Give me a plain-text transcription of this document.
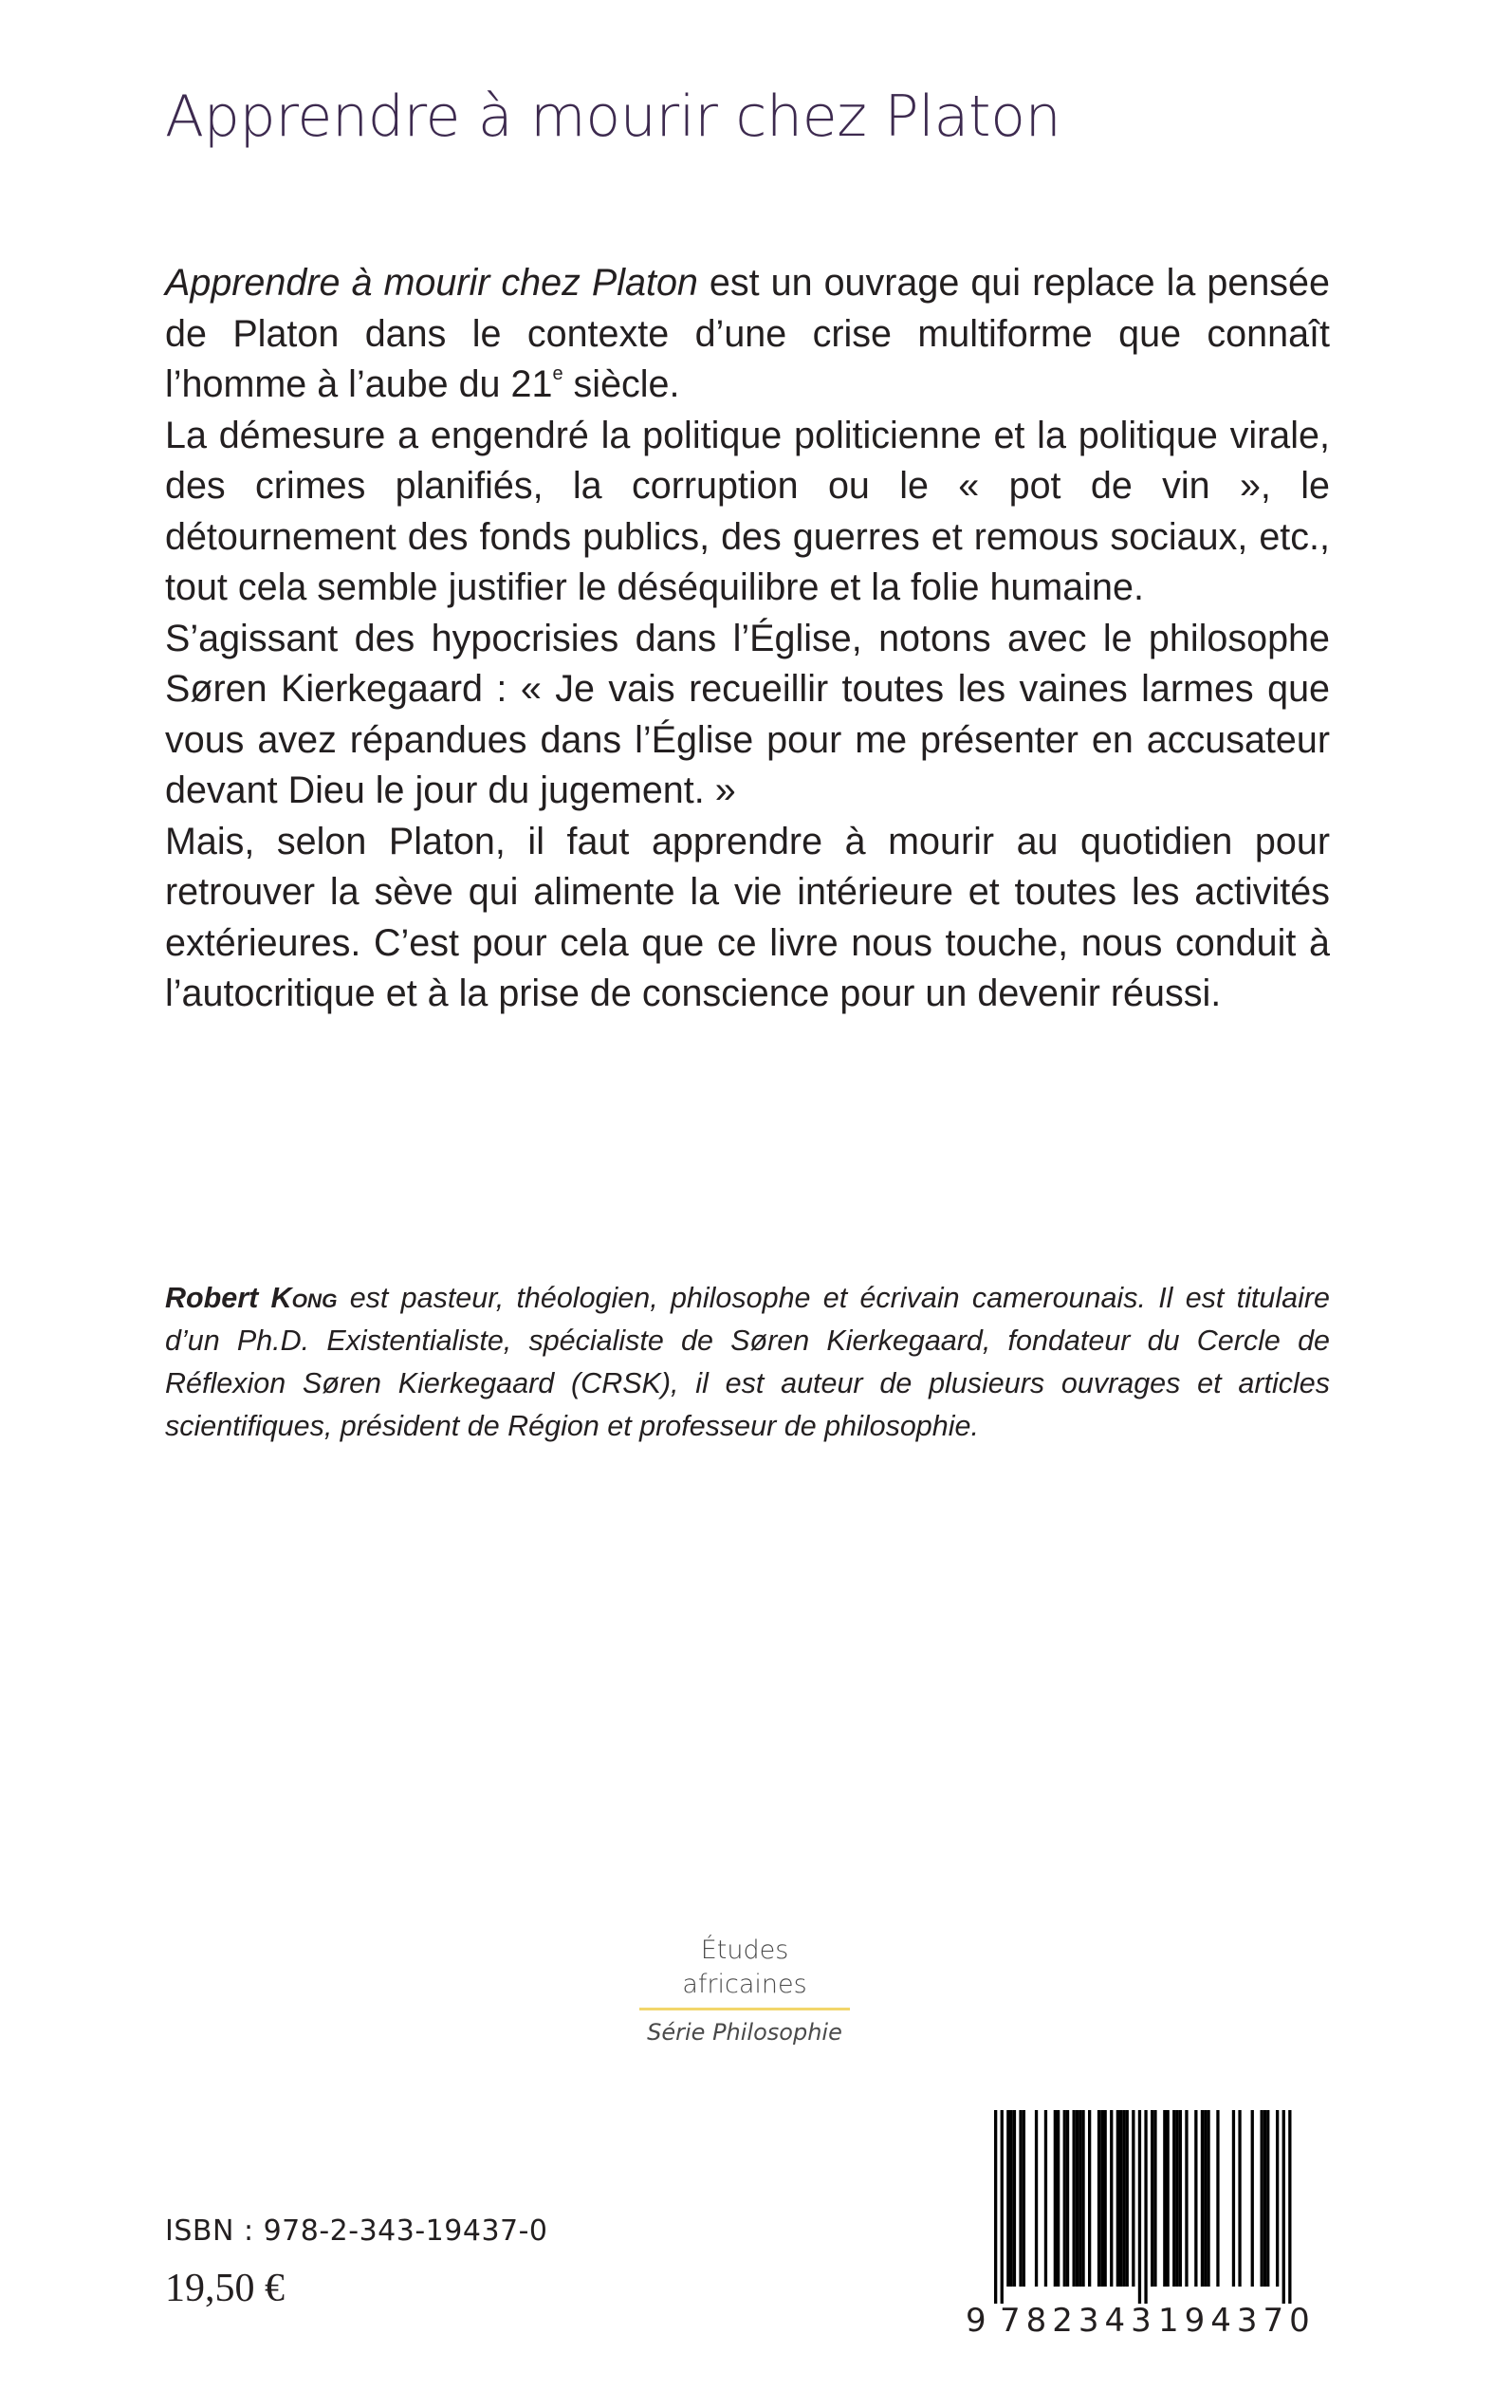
Apprendre à mourir chez Platon

Apprendre à mourir chez Platon est un ouvrage qui replace la pensée de Platon dans le contexte d’une crise multiforme que connaît l’homme à l’aube du 21e siècle.

La démesure a engendré la politique politicienne et la politique virale, des crimes planifiés, la corruption ou le « pot de vin », le détournement des fonds publics, des guerres et remous sociaux, etc., tout cela semble justifier le déséquilibre et la folie humaine.

S’agissant des hypocrisies dans l’Église, notons avec le philosophe Søren Kierkegaard : « Je vais recueillir toutes les vaines larmes que vous avez répandues dans l’Église pour me présenter en accusateur devant Dieu le jour du jugement. »

Mais, selon Platon, il faut apprendre à mourir au quotidien pour retrouver la sève qui alimente la vie intérieure et toutes les activités extérieures. C’est pour cela que ce livre nous touche, nous conduit à l’autocritique et à la prise de conscience pour un devenir réussi.

Robert Kong est pasteur, théologien, philosophe et écrivain camerounais. Il est titulaire d’un Ph.D. Existentialiste, spécialiste de Søren Kierkegaard, fondateur du Cercle de Réflexion Søren Kierkegaard (CRSK), il est auteur de plusieurs ouvrages et articles scientifiques, président de Région et professeur de philosophie.

Études africaines
Série Philosophie
ISBN : 978-2-343-19437-0
19,50 €
9 782343 194370
